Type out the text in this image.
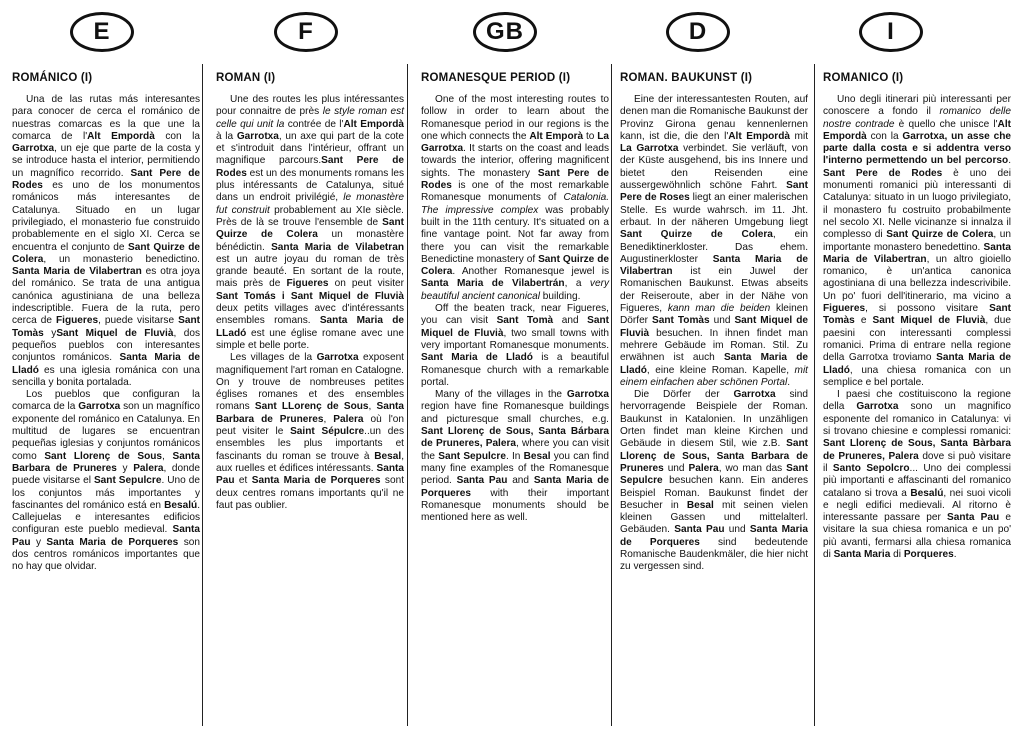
E
ROMÁNICO (I)

Una de las rutas más interesantes para conocer de cerca el románico de nuestras comarcas es la que une la comarca de l'Alt Empordà con la Garrotxa, un eje que parte de la costa y se introduce hasta el interior, permitiendo un magnífico recorrido. Sant Pere de Rodes es uno de los monumentos románicos más interesantes de Catalunya. Situado en un lugar privilegiado, el monasterio fue construido probablemente en el siglo XI. Cerca se encuentra el conjunto de Sant Quirze de Colera, un monasterio benedictino. Santa Maria de Vilabertran es otra joya del románico. Se trata de una antigua canónica agustiniana de una belleza indescriptible. Fuera de la ruta, pero cerca de Figueres, puede visitarse Sant Tomàs ySant Miquel de Fluvià, dos pequeños pueblos con interesantes conjuntos románicos. Santa Maria de Lladó es una iglesia románica con una sencilla y bonita portalada.

Los pueblos que configuran la comarca de la Garrotxa son un magnífico exponente del románico en Catalunya. En multitud de lugares se encuentran pequeñas iglesias y conjuntos románicos como Sant Llorenç de Sous, Santa Barbara de Pruneres y Palera, donde puede visitarse el Sant Sepulcre. Uno de los conjuntos más importantes y fascinantes del románico está en Besalú. Callejuelas e interesantes edificios configuran este pueblo medieval. Santa Pau y Santa Maria de Porqueres son dos centros románicos importantes que no hay que olvidar.

F
ROMAN (I)

Une des routes les plus intéressantes pour connaitre de près le style roman est celle qui unit la contrée de l'Alt Empordà à la Garrotxa, un axe qui part de la cote et s'introduit dans l'intérieur, offrant un magnifique parcours.Sant Pere de Rodes est un des monuments romans les plus intéressants de Catalunya, situé dans un endroit privilégié, le monastère fut construit probablement au XIe siècle. Près de là se trouve l'ensemble de Sant Quirze de Colera un monastère bénédictin. Santa Maria de Vilabetran est un autre joyau du roman de très grande beauté. En sortant de la route, mais près de Figueres on peut visiter Sant Tomás i Sant Miquel de Fluvià deux petits villages avec d'intéressants ensembles romans. Santa Maria de LLadó est une église romane avec une simple et belle porte.

Les villages de la Garrotxa exposent magnifiquement l'art roman en Catalogne. On y trouve de nombreuses petites églises romanes et des ensembles romans Sant LLorenç de Sous, Santa Barbara de Pruneres, Palera où l'on peut visiter le Saint Sépulcre..un des ensembles les plus importants et fascinants du roman se trouve à Besal, aux ruelles et édifices intéressants. Santa Pau et Santa Maria de Porqueres sont deux centres romans importants qu'il ne faut pas oublier.

GB
ROMANESQUE PERIOD (I)

One of the most interesting routes to follow in order to learn about the Romanesque period in our regions is the one which connects the Alt Emporà to La Garrotxa. It starts on the coast and leads towards the interior, offering magnificent sights. The monastery Sant Pere de Rodes is one of the most remarkable Romanesque monuments of Catalonia. The impressive complex was probably built in the 11th century. It's situated on a fine vantage point. Not far away from there you can visit the remarkable Benedictine monastery of Sant Quirze de Colera. Another Romanesque jewel is Santa Maria de Vilabertrán, a very beautiful ancient canonical building.

Off the beaten track, near Figueres, you can visit Sant Tomà and Sant Miquel de Fluvià, two small towns with very important Romanesque monuments. Sant Maria de Lladó is a beautiful Romanesque church with a remarkable portal.

Many of the villages in the Garrotxa region have fine Romanesque buildings and picturesque small churches, e.g. Sant Llorenç de Sous, Santa Bárbara de Pruneres, Palera, where you can visit the Sant Sepulcre. In Besal you can find many fine examples of the Romanesque period. Santa Pau and Santa Maria de Porqueres with their important Romanesque monuments should be mentioned here as well.

D
ROMAN. BAUKUNST (I)

Eine der interessantesten Routen, auf denen man die Romanische Baukunst der Provinz Girona genau kennenlernen kann, ist die, die den l'Alt Empordà mit La Garrotxa verbindet. Sie verläuft, von der Küste ausgehend, bis ins Innere und bietet den Reisenden eine aussergewöhnlich schöne Fahrt. Sant Pere de Roses liegt an einer malerischen Stelle. Es wurde wahrsch. im 11. Jht. erbaut. In der näheren Umgebung liegt Sant Quirze de Colera, ein Benediktinerkloster. Das ehem. Augustinerkloster Santa Maria de Vilabertran ist ein Juwel der Romanischen Baukunst. Etwas abseits der Reiseroute, aber in der Nähe von Figueres, kann man die beiden kleinen Dörfer Sant Tomàs und Sant Miquel de Fluvià besuchen. In ihnen findet man mehrere Gebäude im Roman. Stil. Zu erwähnen ist auch Santa Maria de Lladó, eine kleine Roman. Kapelle, mit einem einfachen aber schönen Portal.

Die Dörfer der Garrotxa sind hervorragende Beispiele der Roman. Baukunst in Katalonien. In unzähligen Orten findet man kleine Kirchen und Gebäude in diesem Stil, wie z.B. Sant Llorenç de Sous, Santa Barbara de Pruneres und Palera, wo man das Sant Sepulcre besuchen kann. Ein anderes Beispiel Roman. Baukunst findet der Besucher in Besal mit seinen vielen kleinen Gassen und mittelalterl. Gebäuden. Santa Pau und Santa Maria de Porqueres sind bedeutende Romanische Baudenkmäler, die hier nicht zu vergessen sind.

I
ROMANICO (I)

Uno degli itinerari più interessanti per conoscere a fondo il romanico delle nostre contrade è quello che unisce l'Alt Empordà con la Garrotxa, un asse che parte dalla costa e si addentra verso l'interno permettendo un bel percorso. Sant Pere de Rodes è uno dei monumenti romanici più interessanti di Catalunya: situato in un luogo privilegiato, il monastero fu costruito probabilmente nel secolo XI. Nelle vicinanze si innalza il complesso di Sant Quirze de Colera, un importante monastero benedettino. Santa Maria de Vilabertran, un altro gioiello romanico, è un'antica canonica agostiniana di una bellezza indescrivibile. Un po' fuori dell'itinerario, ma vicino a Figueres, si possono visitare Sant Tomàs e Sant Miquel de Fluvià, due paesini con interessanti complessi romanici. Prima di entrare nella regione della Garrotxa troviamo Santa Maria de Lladó, una chiesa romanica con un semplice e bel portale.

I paesi che costituiscono la regione della Garrotxa sono un magnifico esponente del romanico in Catalunya: vi si trovano chiesine e complessi romanici: Sant Llorenç de Sous, Santa Bàrbara de Pruneres, Palera dove si può visitare il Santo Sepolcro... Uno dei complessi più importanti e affascinanti del romanico catalano si trova a Besalú, nei suoi vicoli e negli edifici medievali. Al ritorno è interessante passare per Santa Pau e visitare la sua chiesa romanica e un po' più avanti, fermarsi alla chiesa romanica di Santa Maria di Porqueres.
